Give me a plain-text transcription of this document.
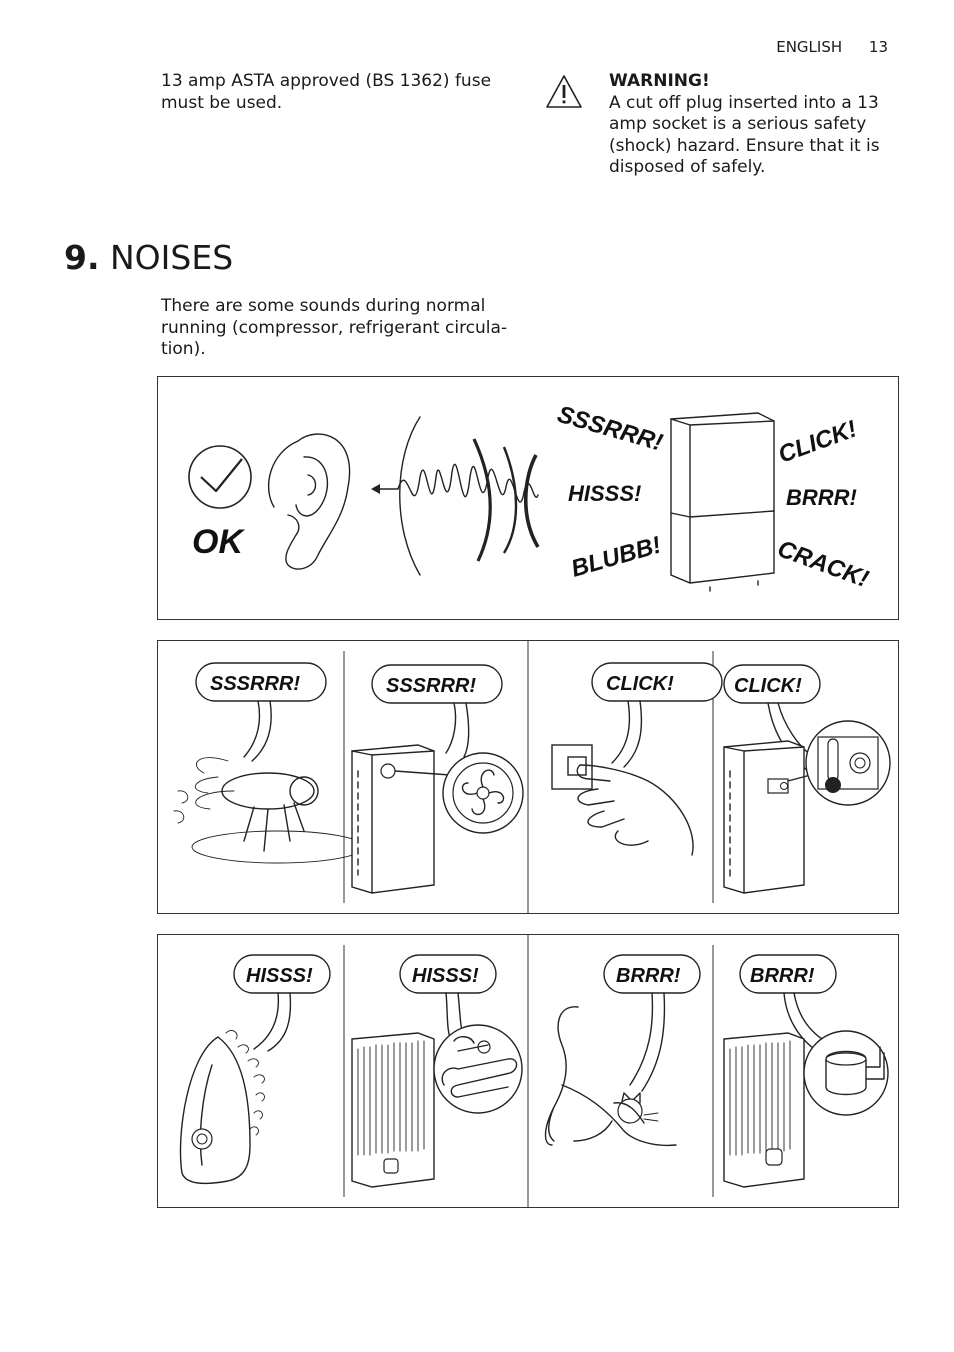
ENGLISH 13
13 amp ASTA approved (BS 1362) fuse must be used.
WARNING!
A cut off plug inserted into a 13 amp socket is a serious safety (shock) hazard. Ensure that it is disposed of safely.
9. NOISES
There are some sounds during normal running (compressor, refrigerant circula-tion).
OK
SSSRRR!
HISSS!
BLUBB!
CLICK!
BRRR!
CRACK!
SSSRRR!	SSSRRR!	CLICK!	CLICK!
HISSS!	HISSS!	BRRR!	BRRR!
